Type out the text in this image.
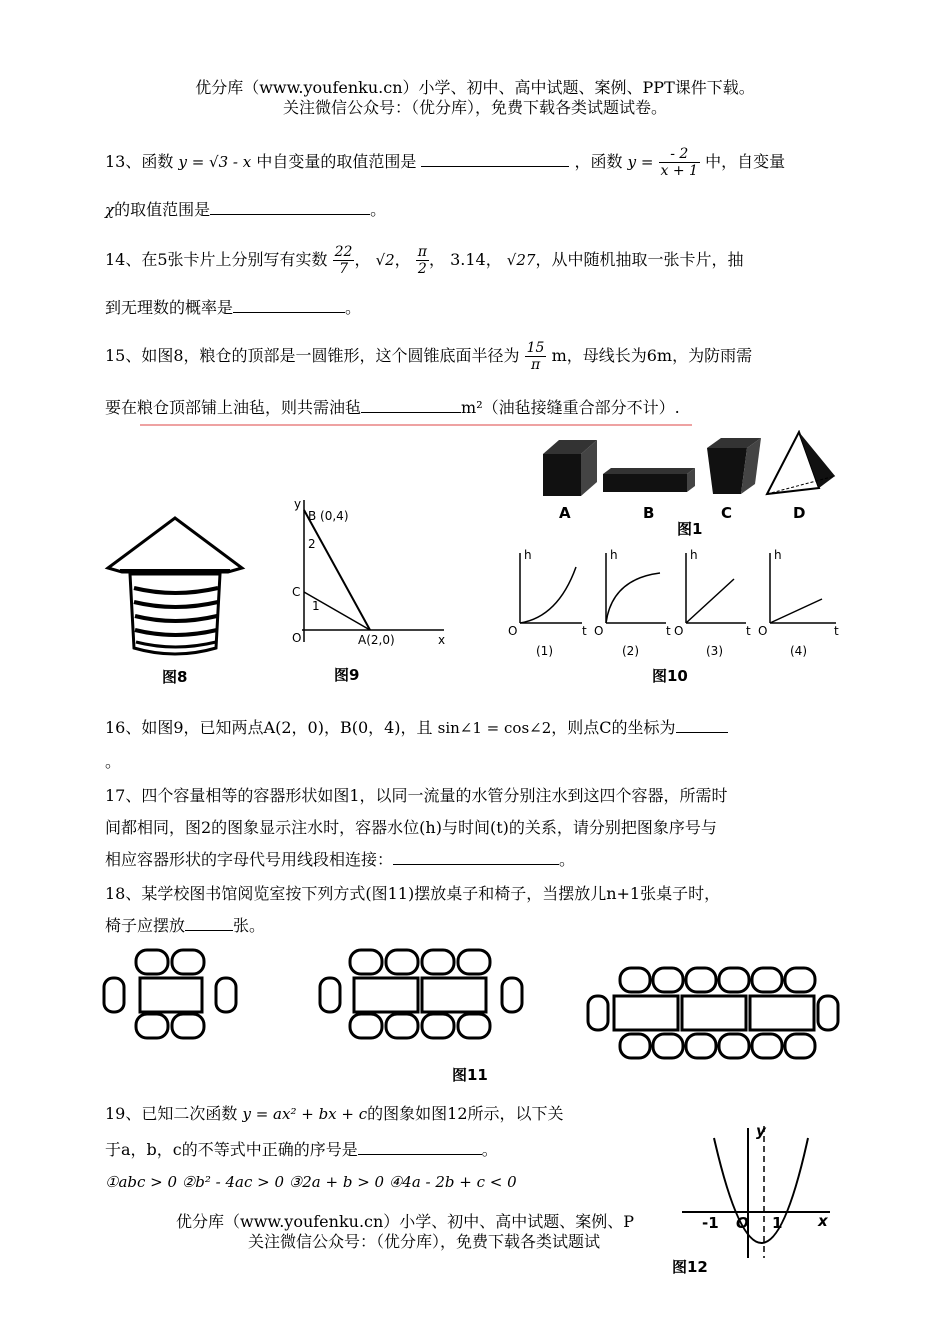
优分库（www.youfenku.cn）小学、初中、高中试题、案例、PPT课件下载。
关注微信公众号：（优分库），免费下载各类试题试卷。
13、函数 y = √3 - x 中自变量的取值范围是	，函数 $y = \frac{- 2}{x + 1}$ 中，自变量
χ的取值范围是	。
14、在5张卡片上分别写有实数 $\frac{22}{7}$ ， √2， $\frac{\pi}{2}$ ， 3.14， √27，从中随机抽取一张卡片，抽
到无理数的概率是	。
15、如图8，粮仓的顶部是一圆锥形，这个圆锥底面半径为 $\frac{15}{\pi}$ m，母线长为6m，为防雨需
要在粮仓顶部铺上油毡，则共需油毡	m²（油毡接缝重合部分不计）.
图8
y
x
B (0,4)
A(2,0)
C
O
1
2
图9
A	B	C	D
图1
h
t
O
(1)
h
t
O
(2)
h
t
O
(3)
h
t
O
(4)
图10
16、如图9，已知两点A(2，0)，B(0，4)，且 sin∠1 = cos∠2，则点C的坐标为
。
17、四个容量相等的容器形状如图1，以同一流量的水管分别注水到这四个容器，所需时
间都相同，图2的图象显示注水时，容器水位(h)与时间(t)的关系，请分别把图象序号与
相应容器形状的字母代号用线段相连接：	。
18、某学校图书馆阅览室按下列方式(图11)摆放桌子和椅子，当摆放儿n+1张桌子时，
椅子应摆放	张。
图11
19、已知二次函数 y = ax² + bx + c的图象如图12所示，以下关
于a，b，c的不等式中正确的序号是	。
①abc > 0 ②b² - 4ac > 0 ③2a + b > 0 ④4a - 2b + c < 0
y
x
-1 O 1
图12
优分库（www.youfenku.cn）小学、初中、高中试题、案例、P
关注微信公众号：（优分库），免费下载各类试题试
